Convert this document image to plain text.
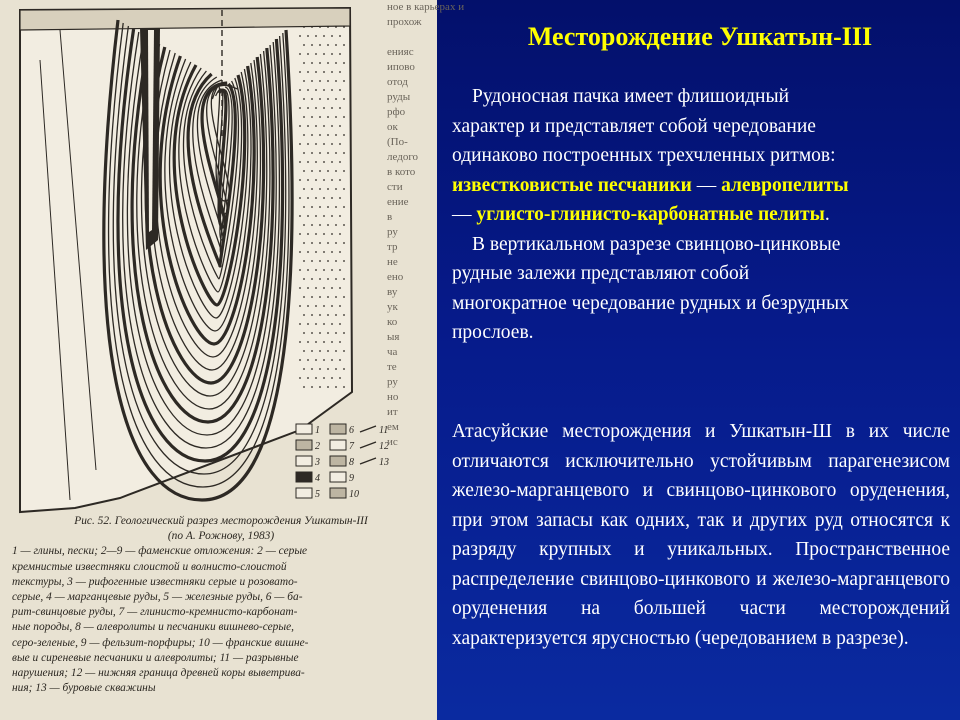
1
2
3
4
5
6
7
8
9
10
11
12
13
ное в карьерах и
прохож
енияс
ипово
отод
руды
рфо
ок
(По-
ледого
в кото
сти
ение
в
ру
тр
не
ено
ву
ук
ко
ыя
ча
те
ру
но
ит
ем
ис

Рис. 52. Геологический разрез месторождения Ушкатын-III

(по А. Рожнову, 1983)

1 — глины, пески; 2—9 — фаменские отложения: 2 — серые

кремнистые известняки слоистой и волнисто-слоистой

текстуры, 3 — рифогенные известняки серые и розовато-

серые, 4 — марганцевые руды, 5 — железные руды, 6 — ба-

рит-свинцовые руды, 7 — глинисто-кремнисто-карбонат-

ные породы, 8 — алевролиты и песчаники вишнево-серые,

серо-зеленые, 9 — фельзит-порфиры; 10 — франские вишне-

вые и сиреневые песчаники и алевролиты; 11 — разрывные

нарушения; 12 — нижняя граница древней коры выветрива-

ния; 13 — буровые скважины

Месторождение Ушкатын-III

Рудоносная пачка имеет флишоидный
характер и представляет собой чередование
одинаково построенных трехчленных ритмов:
известковистые песчаники — алевропелиты
— углисто-глинисто-карбонатные пелиты.
В вертикальном разрезе свинцово-цинковые
рудные залежи представляют собой
многократное чередование рудных и безрудных
прослоев.

Атасуйские месторождения и Ушкатын-Ш в их числе отличаются исключительно устойчивым парагенезисом железо-марганцевого и свинцово-цинкового оруденения, при этом запасы как одних, так и других руд относятся к разряду крупных и уникальных. Пространственное распределение свинцово-цинкового и железо-марганцевого оруденения на большей части месторождений характеризуется ярусностью (чередованием в разрезе).
